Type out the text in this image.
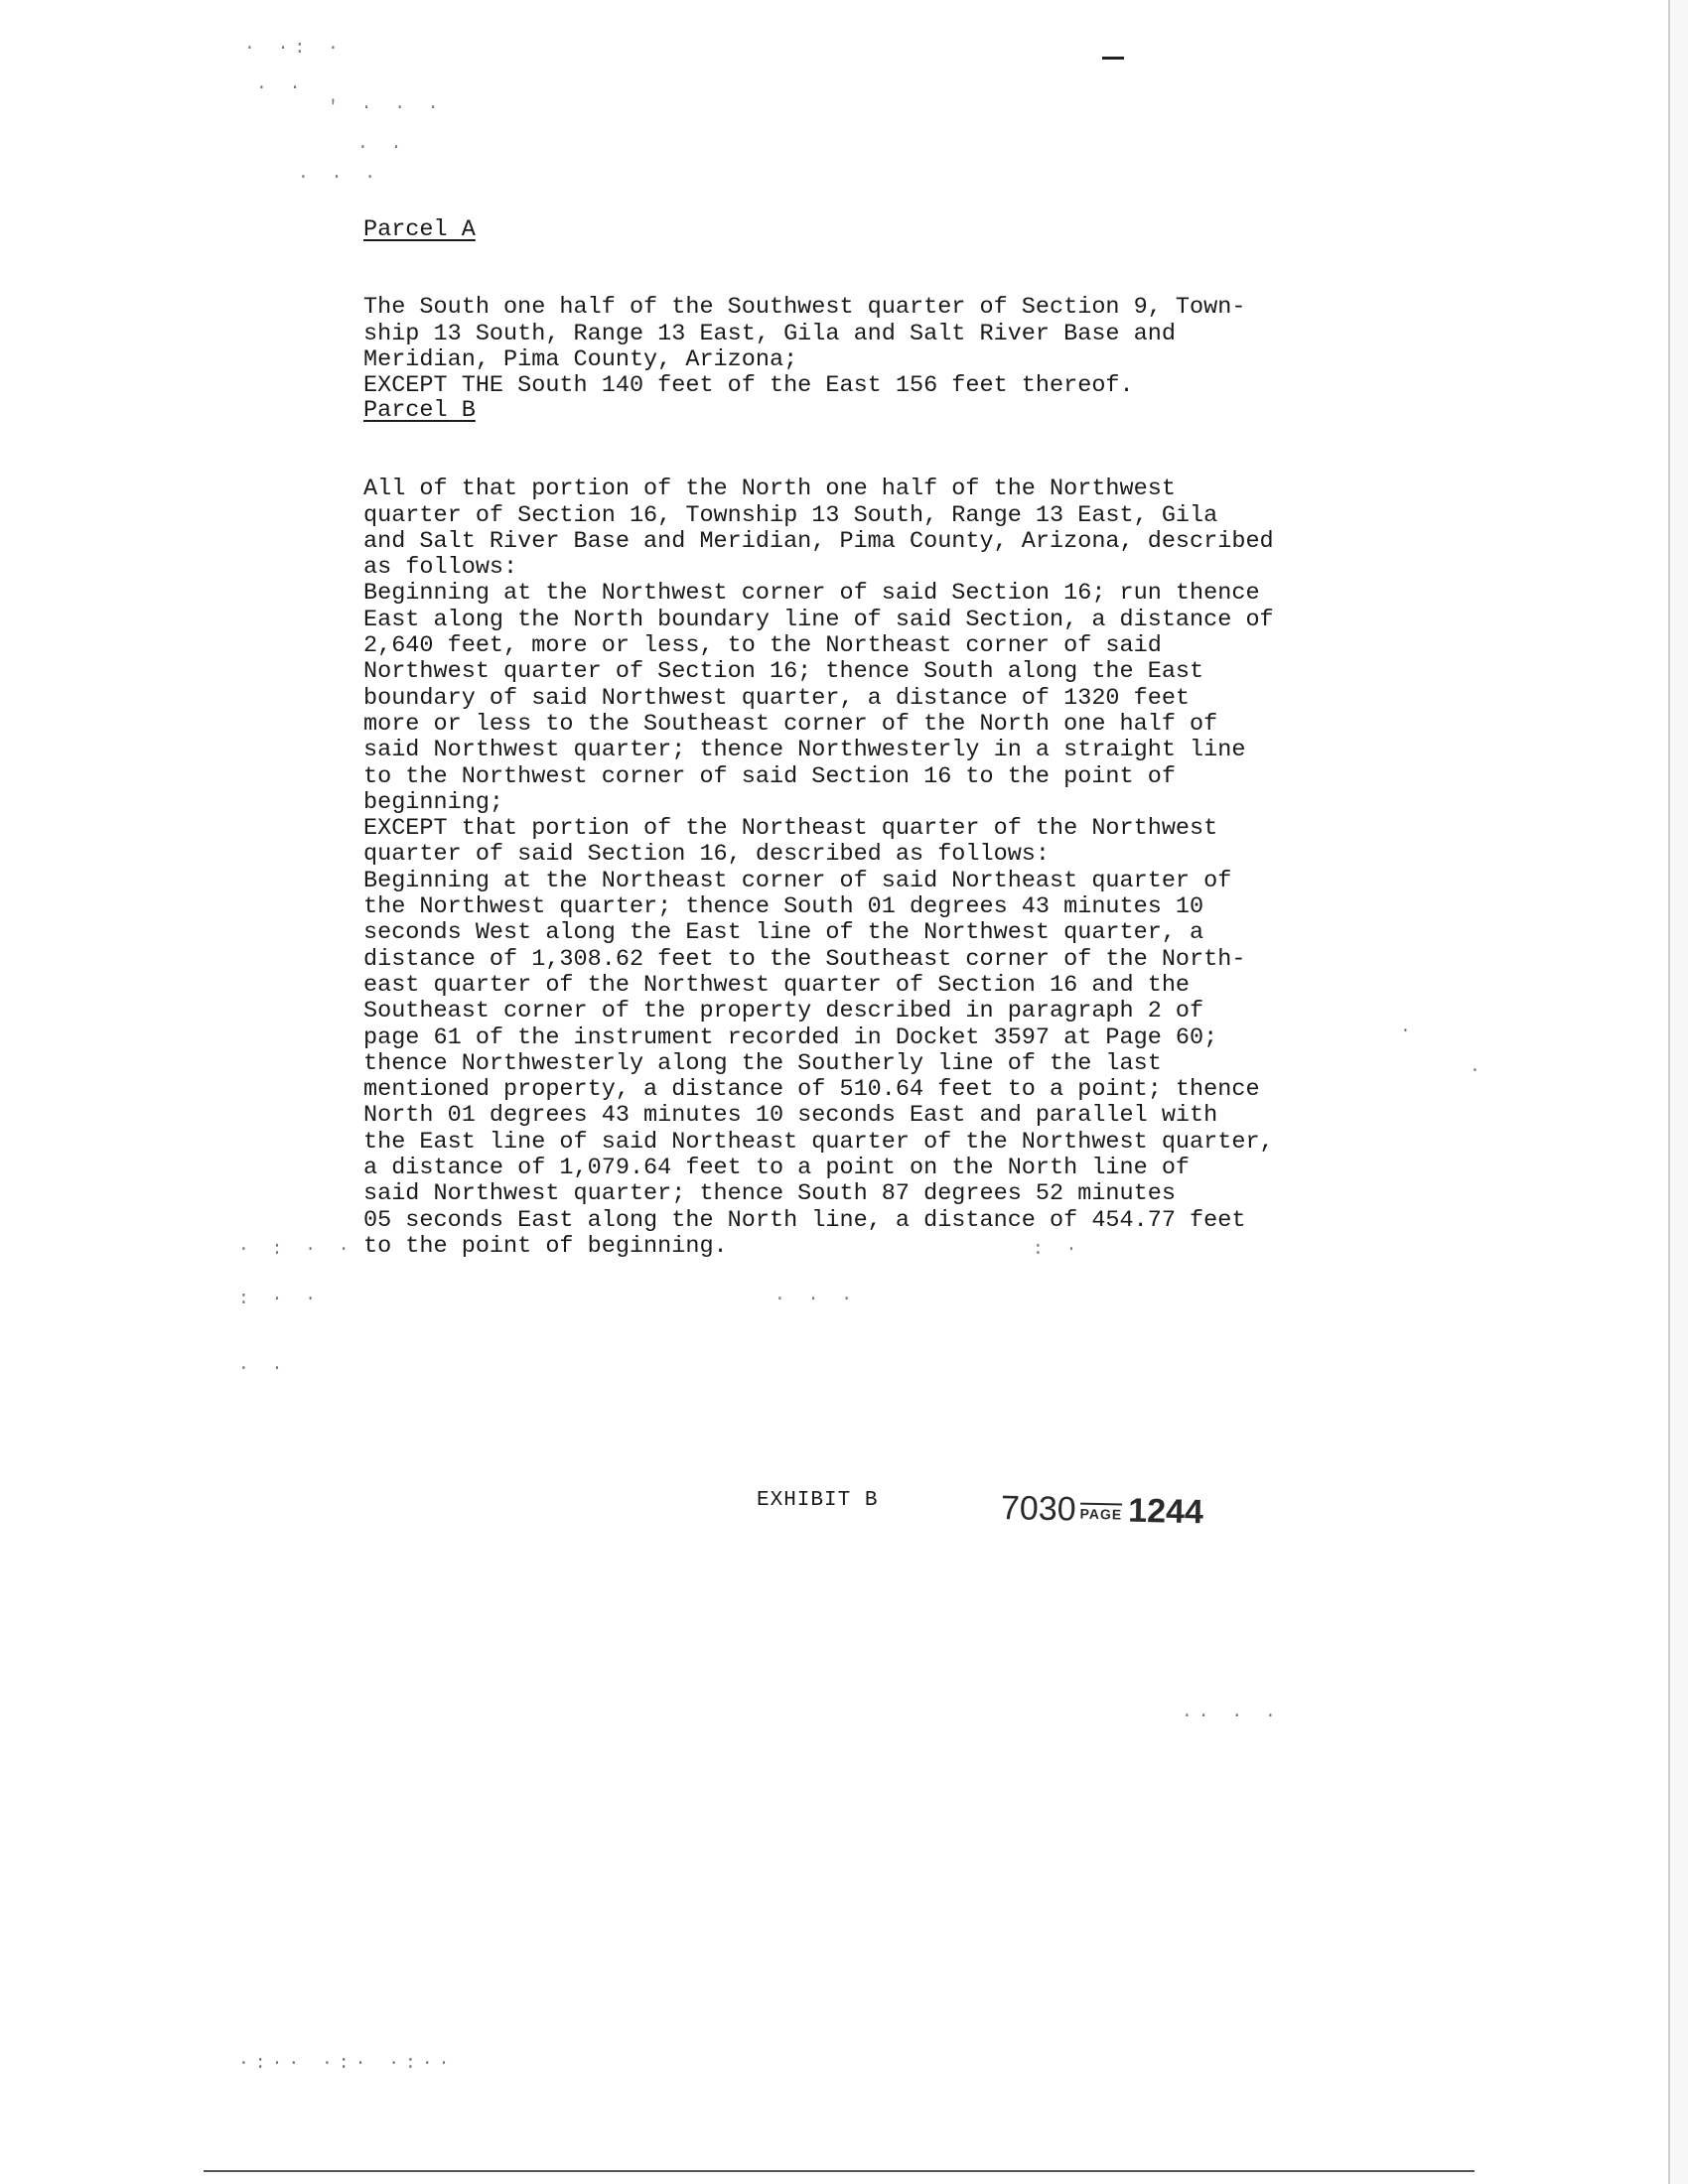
· ·: ·
· ·
' · · ·
· ·
· · ·
· : · ·
: · ·
· ·
· · ·
: ·
·· · ·
·:·· ·:· ·:··
·
·
Parcel A

The South one half of the Southwest quarter of Section 9, Town-
ship 13 South, Range 13 East, Gila and Salt River Base and
Meridian, Pima County, Arizona;
EXCEPT THE South 140 feet of the East 156 feet thereof.
Parcel B

All of that portion of the North one half of the Northwest
quarter of Section 16, Township 13 South, Range 13 East, Gila
and Salt River Base and Meridian, Pima County, Arizona, described
as follows:
Beginning at the Northwest corner of said Section 16; run thence
East along the North boundary line of said Section, a distance of
2,640 feet, more or less, to the Northeast corner of said
Northwest quarter of Section 16; thence South along the East
boundary of said Northwest quarter, a distance of 1320 feet
more or less to the Southeast corner of the North one half of
said Northwest quarter; thence Northwesterly in a straight line
to the Northwest corner of said Section 16 to the point of
beginning;
EXCEPT that portion of the Northeast quarter of the Northwest
quarter of said Section 16, described as follows:
Beginning at the Northeast corner of said Northeast quarter of
the Northwest quarter; thence South 01 degrees 43 minutes 10
seconds West along the East line of the Northwest quarter, a
distance of 1,308.62 feet to the Southeast corner of the North-
east quarter of the Northwest quarter of Section 16 and the
Southeast corner of the property described in paragraph 2 of
page 61 of the instrument recorded in Docket 3597 at Page 60;
thence Northwesterly along the Southerly line of the last
mentioned property, a distance of 510.64 feet to a point; thence
North 01 degrees 43 minutes 10 seconds East and parallel with
the East line of said Northeast quarter of the Northwest quarter,
a distance of 1,079.64 feet to a point on the North line of
said Northwest quarter; thence South 87 degrees 52 minutes
05 seconds East along the North line, a distance of 454.77 feet
to the point of beginning.
EXHIBIT B	7030 PAGE 1244
